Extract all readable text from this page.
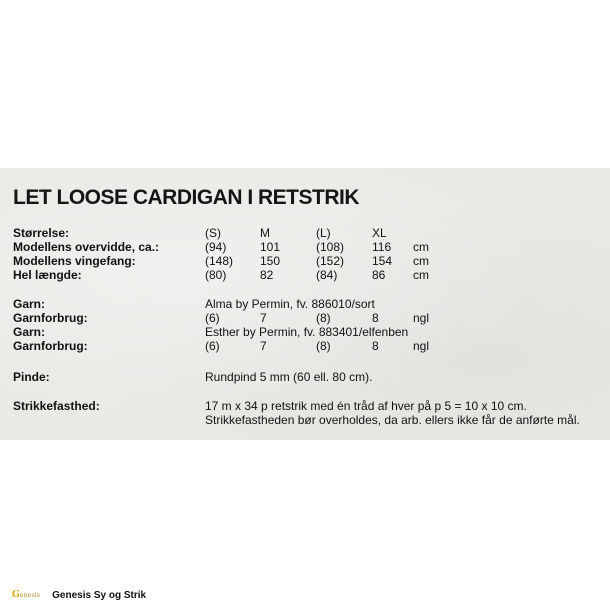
LET LOOSE CARDIGAN I RETSTRIK
Størrelse:	(S)	M	(L)	XL
Modellens overvidde, ca.:	(94)	101	(108) 116 cm
Modellens vingefang:	(148) 150	(152) 154 cm
Hel længde:	(80)	82	(84)	86 cm
Garn:	Alma by Permin, fv. 886010/sort
Garnforbrug:	(6)	7	(8)	8	ngl
Garn:	Esther by Permin, fv. 883401/elfenben
Garnforbrug:	(6)	7	(8)	8	ngl
Pinde:	Rundpind 5 mm (60 ell. 80 cm).
Strikkefasthed:	17 m x 34 p retstrik med én tråd af hver på p 5 = 10 x 10 cm.
Strikkefastheden bør overholdes, da arb. ellers ikke får de anførte mål.
Genesis Genesis Sy og Strik
